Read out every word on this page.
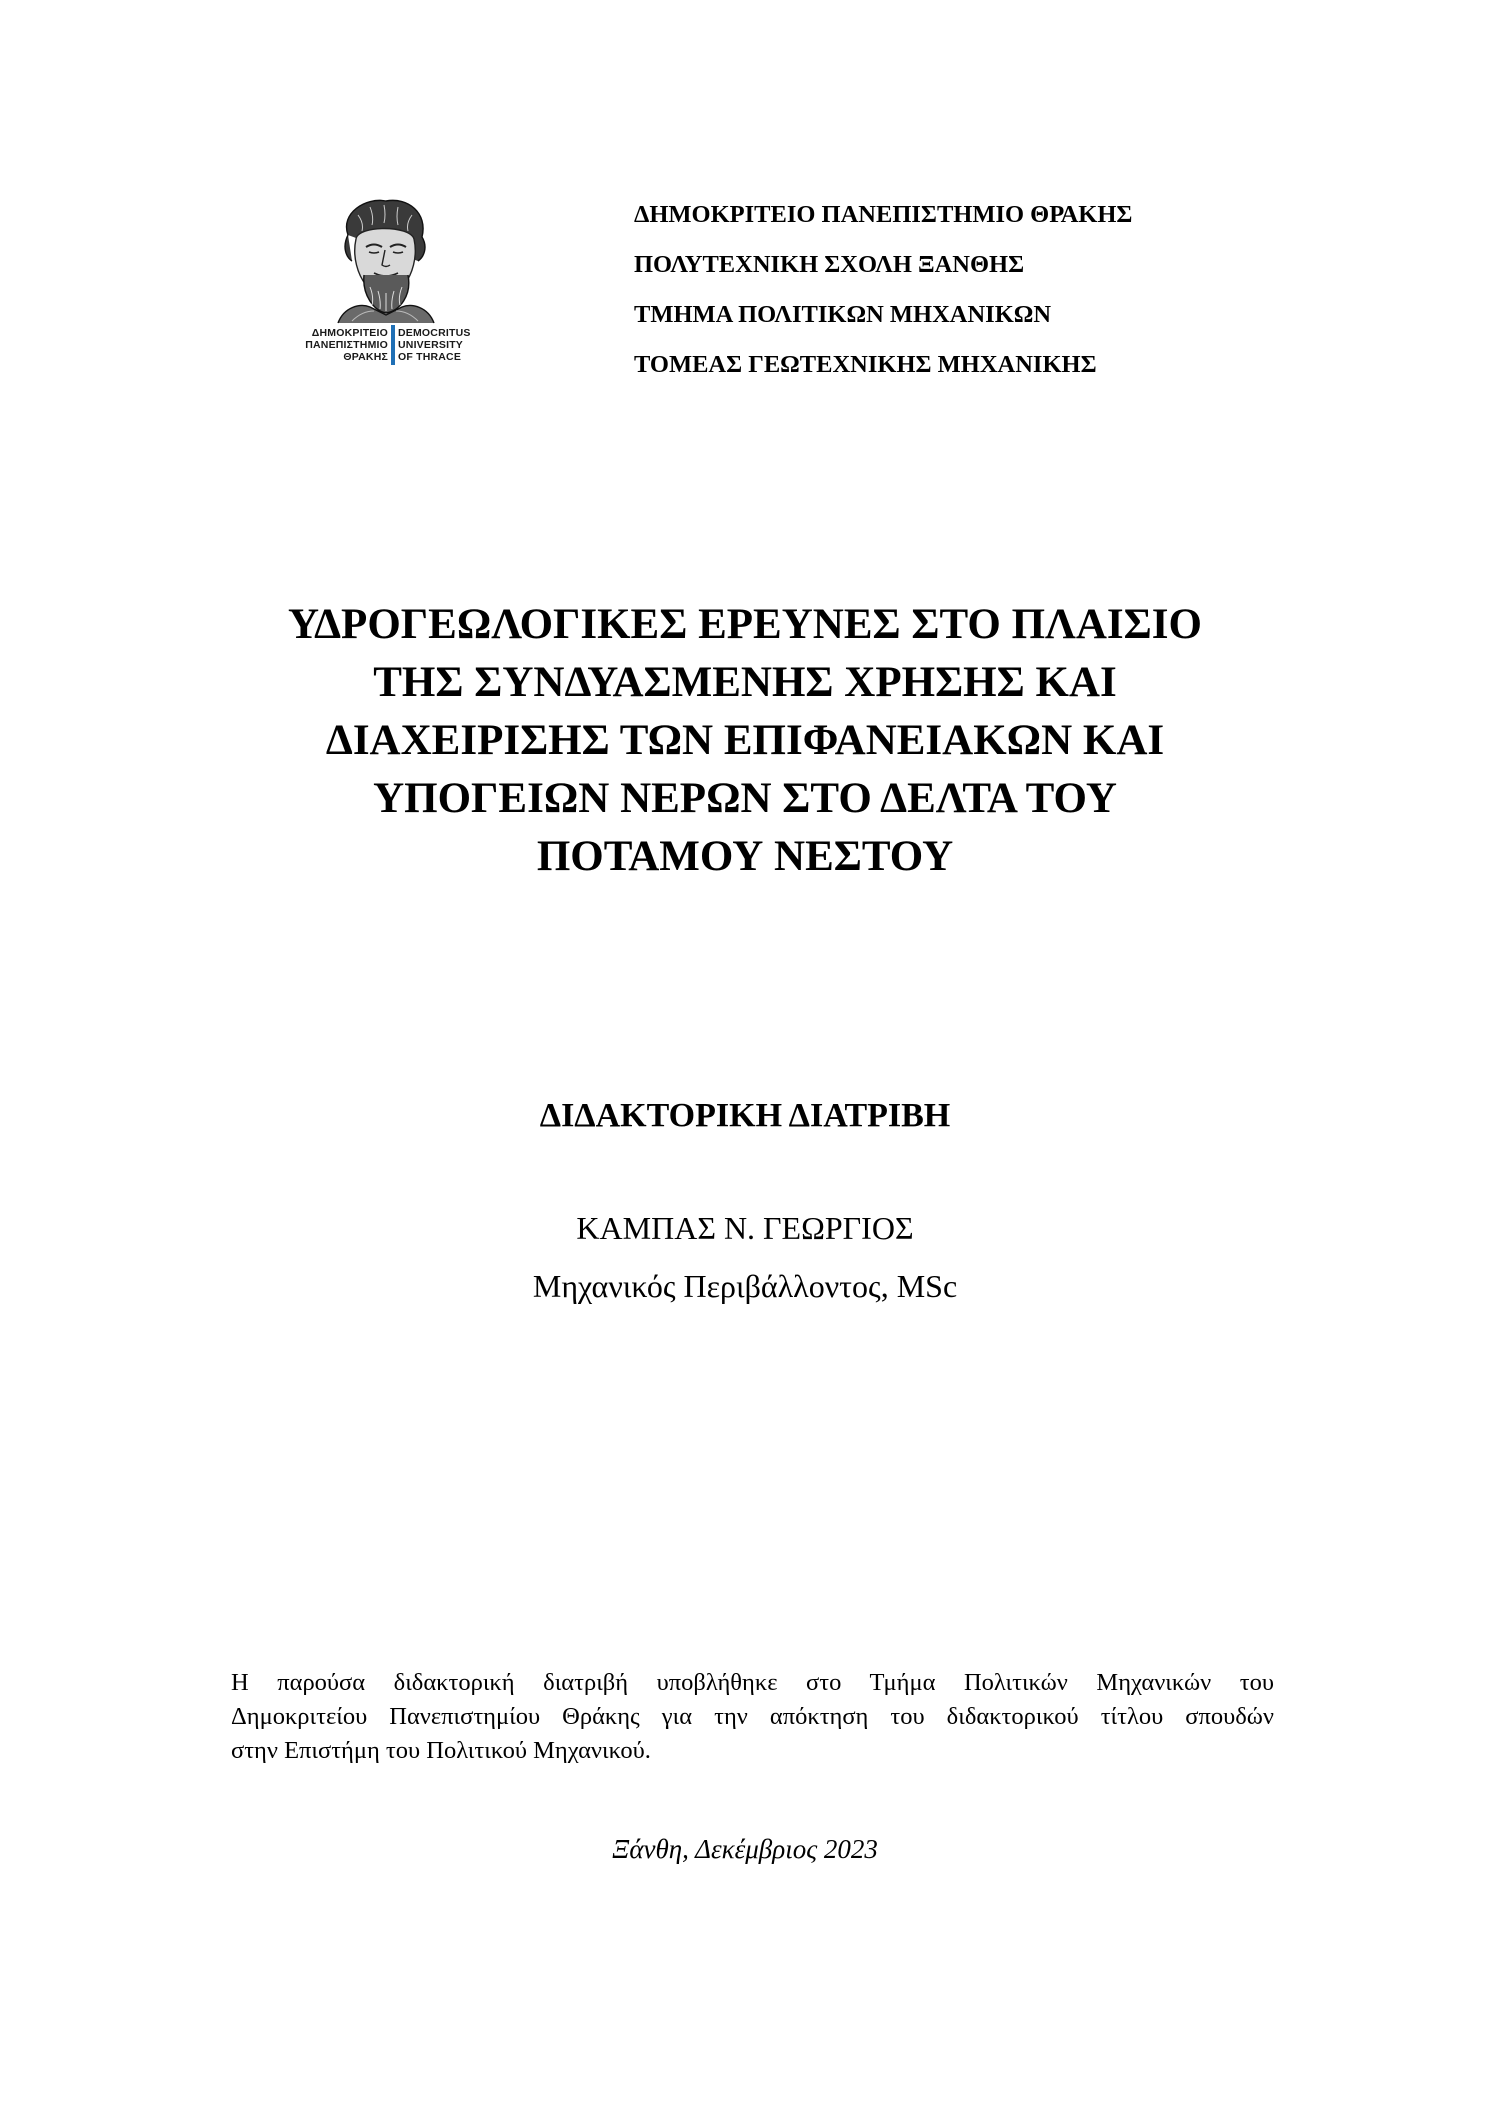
ΔΗΜΟΚΡΙΤΕΙΟ
ΠΑΝΕΠΙΣΤΗΜΙΟ
ΘΡΑΚΗΣ
DEMOCRITUS
UNIVERSITY
OF THRACE
ΔΗΜΟΚΡΙΤΕΙΟ ΠΑΝΕΠΙΣΤΗΜΙΟ ΘΡΑΚΗΣ
ΠΟΛΥΤΕΧΝΙΚΗ ΣΧΟΛΗ ΞΑΝΘΗΣ
ΤΜΗΜΑ ΠΟΛΙΤΙΚΩΝ ΜΗΧΑΝΙΚΩΝ
ΤΟΜΕΑΣ ΓΕΩΤΕΧΝΙΚΗΣ ΜΗΧΑΝΙΚΗΣ
ΥΔΡΟΓΕΩΛΟΓΙΚΕΣ ΕΡΕΥΝΕΣ ΣΤΟ ΠΛΑΙΣΙΟ
ΤΗΣ ΣΥΝΔΥΑΣΜΕΝΗΣ ΧΡΗΣΗΣ ΚΑΙ
ΔΙΑΧΕΙΡΙΣΗΣ ΤΩΝ ΕΠΙΦΑΝΕΙΑΚΩΝ ΚΑΙ
ΥΠΟΓΕΙΩΝ ΝΕΡΩΝ ΣΤΟ ΔΕΛΤΑ ΤΟΥ
ΠΟΤΑΜΟΥ ΝΕΣΤΟΥ
ΔΙΔΑΚΤΟΡΙΚΗ ΔΙΑΤΡΙΒΗ
ΚΑΜΠΑΣ Ν. ΓΕΩΡΓΙΟΣ
Μηχανικός Περιβάλλοντος, MSc
Η παρούσα διδακτορική διατριβή υποβλήθηκε στο Τμήμα Πολιτικών Μηχανικών του
Δημοκριτείου Πανεπιστημίου Θράκης για την απόκτηση του διδακτορικού τίτλου σπουδών
στην Επιστήμη του Πολιτικού Μηχανικού.
Ξάνθη, Δεκέμβριος 2023
